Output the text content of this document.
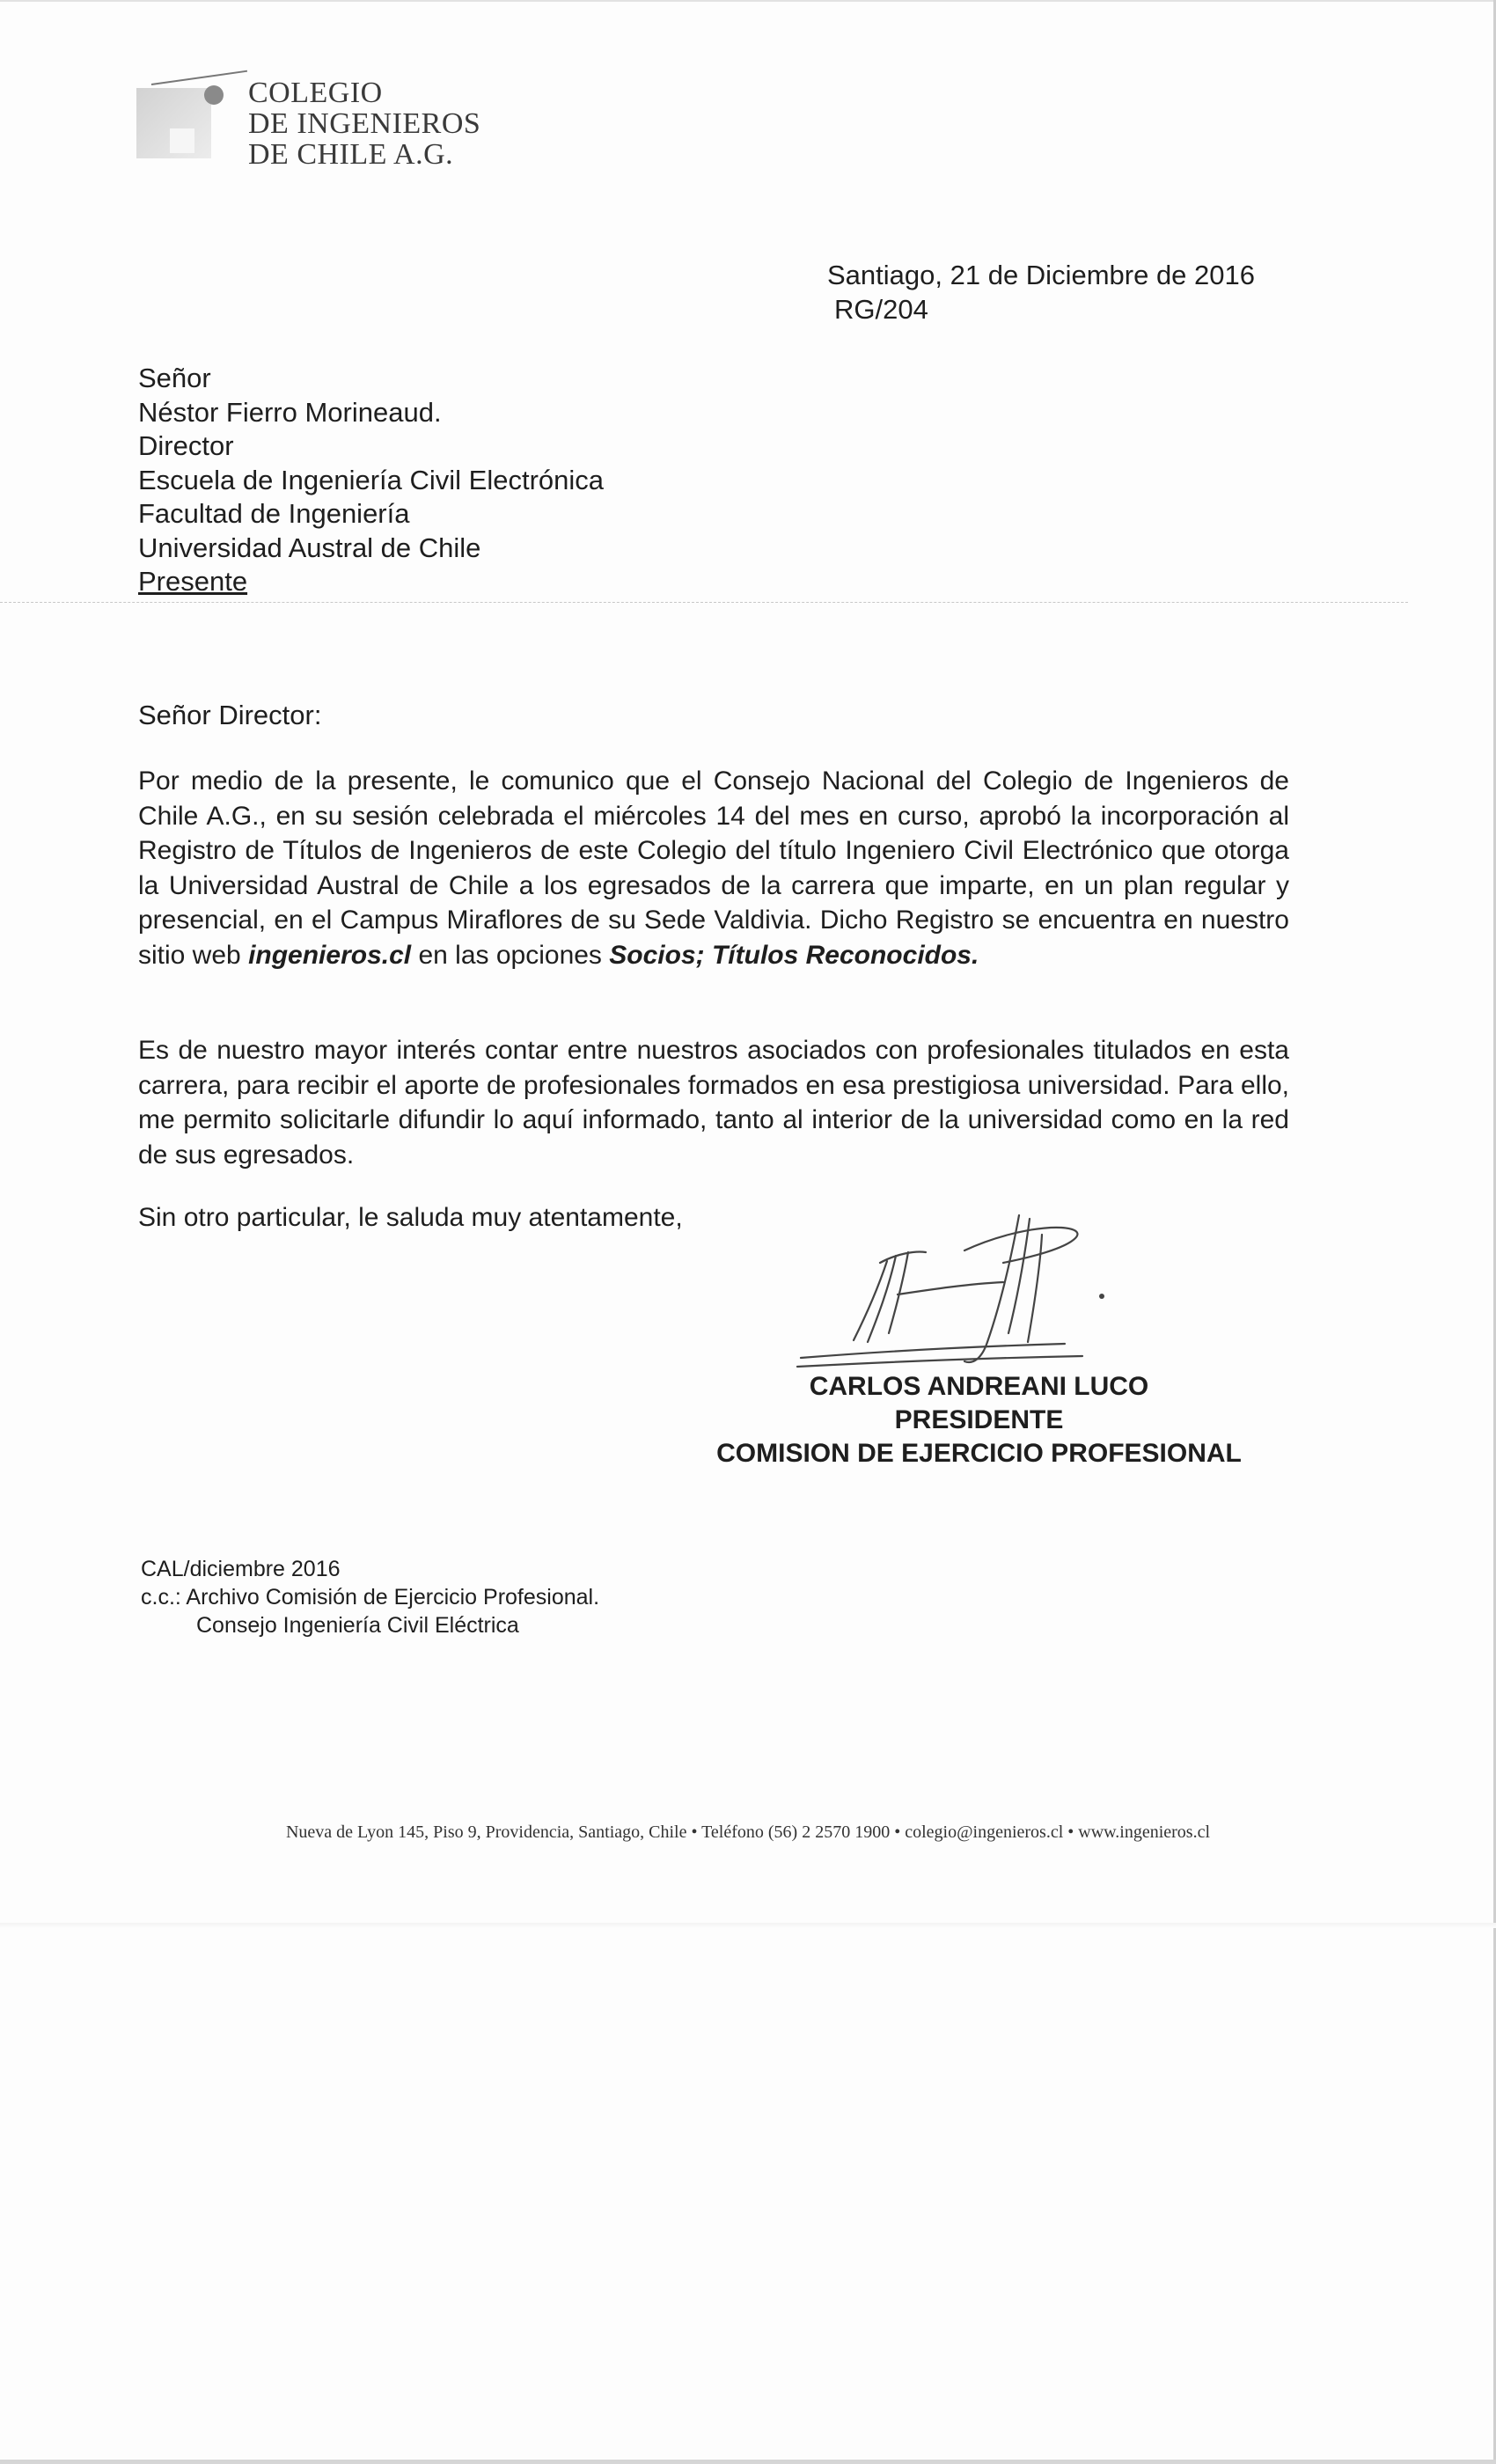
COLEGIO
DE INGENIEROS
DE CHILE A.G.
Santiago, 21 de Diciembre de 2016
RG/204
Señor
Néstor Fierro Morineaud.
Director
Escuela de Ingeniería Civil Electrónica
Facultad de Ingeniería
Universidad Austral de Chile
Presente
Señor Director:
Por medio de la presente, le comunico que el Consejo Nacional del Colegio de Ingenieros de Chile A.G., en su sesión celebrada el miércoles 14 del mes en curso, aprobó la incorporación al Registro de Títulos de Ingenieros de este Colegio del título Ingeniero Civil Electrónico que otorga la Universidad Austral de Chile a los egresados de la carrera que imparte, en un plan regular y presencial, en el Campus Miraflores de su Sede Valdivia. Dicho Registro se encuentra en nuestro sitio web ingenieros.cl en las opciones Socios; Títulos Reconocidos.
Es de nuestro mayor interés contar entre nuestros asociados con profesionales titulados en esta carrera, para recibir el aporte de profesionales formados en esa prestigiosa universidad. Para ello, me permito solicitarle difundir lo aquí informado, tanto al interior de la universidad como en la red de sus egresados.
Sin otro particular, le saluda muy atentamente,
CARLOS ANDREANI LUCO
PRESIDENTE
COMISION DE EJERCICIO PROFESIONAL
CAL/diciembre 2016
c.c.: Archivo Comisión de Ejercicio Profesional.
Consejo Ingeniería Civil Eléctrica
Nueva de Lyon 145, Piso 9, Providencia, Santiago, Chile • Teléfono (56) 2 2570 1900 • colegio@ingenieros.cl • www.ingenieros.cl
